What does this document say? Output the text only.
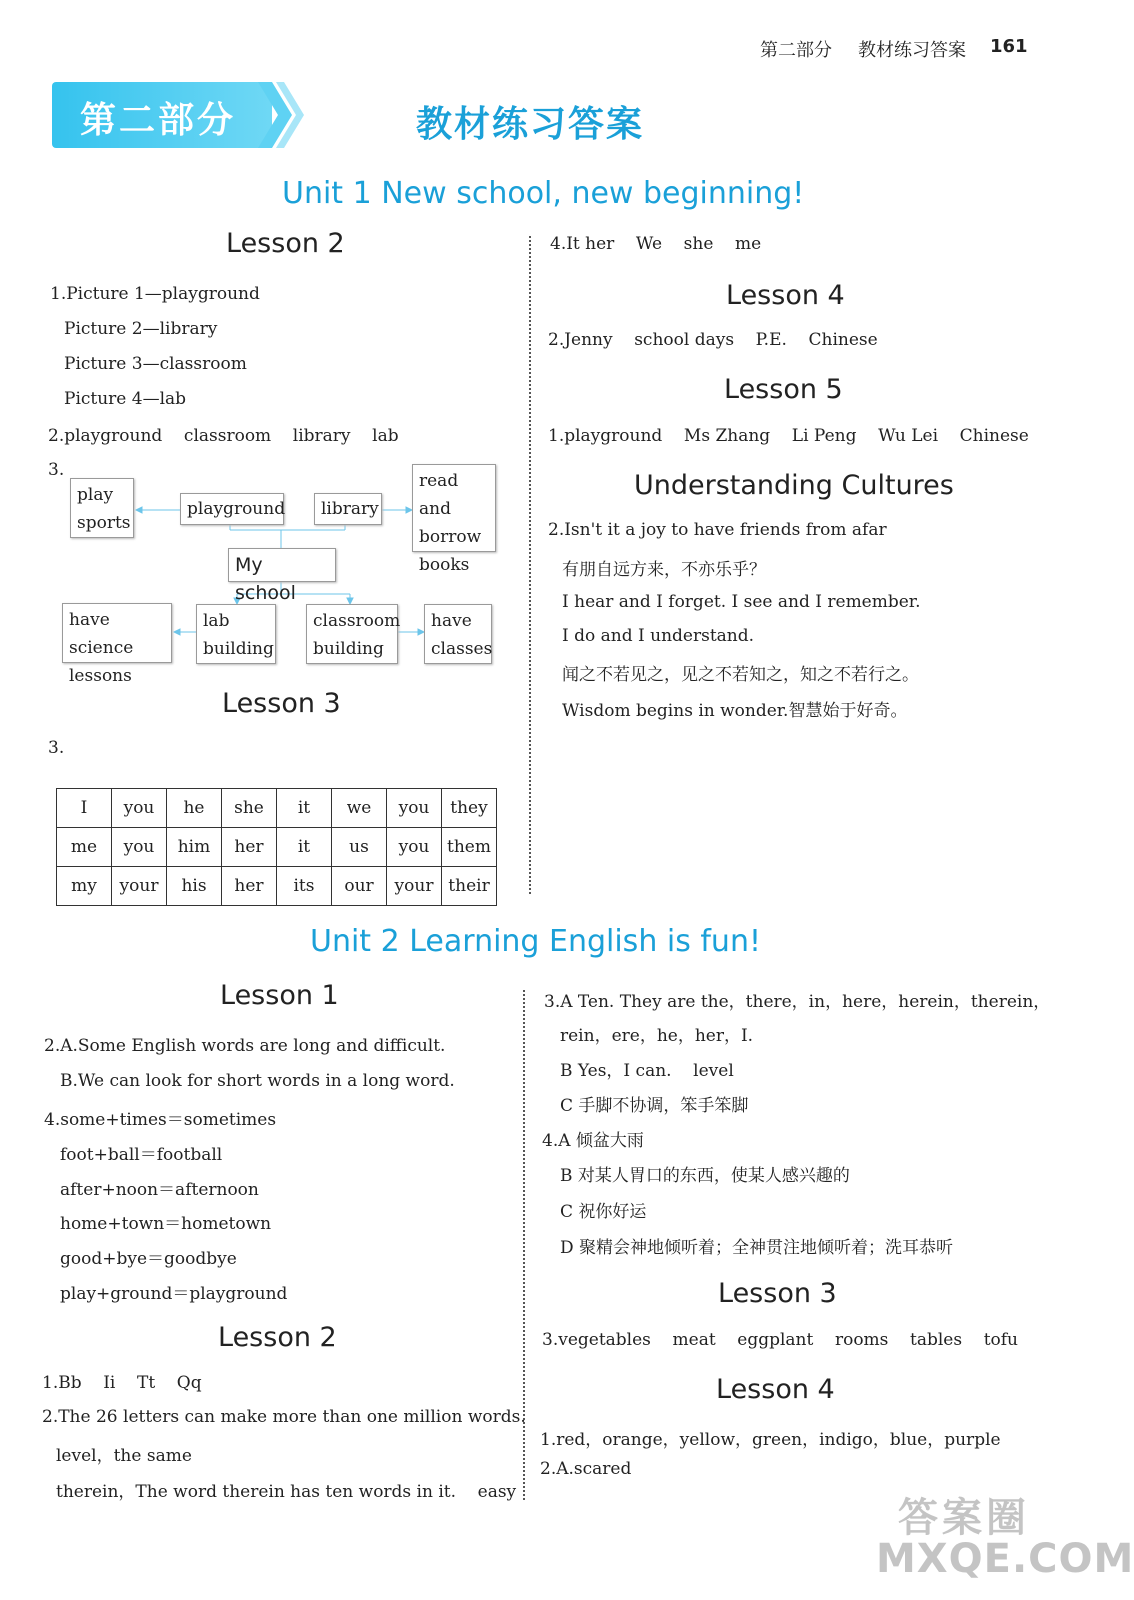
第二部分 教材练习答案 161
第二部分	教材练习答案
Unit 1 New school, new beginning!
Lesson 2
1.Picture 1—playground
Picture 2—library
Picture 3—classroom
Picture 4—lab
2.playground    classroom    library    lab
3.
play sports
playground	library
read and borrow books
My school
have science lessons
lab building
classroom building
have classes
Lesson 3
3.
I	you	he	she	it	we	you	they
me	you	him	her	it	us	you	them
my	your	his	her	its	our	your	their
4.It her    We    she    me
Lesson 4
2.Jenny    school days    P.E.    Chinese
Lesson 5
1.playground    Ms Zhang    Li Peng    Wu Lei    Chinese
Understanding Cultures
2.Isn't it a joy to have friends from afar
有朋自远方来，不亦乐乎？
I hear and I forget. I see and I remember.
I do and I understand.
闻之不若见之，见之不若知之，知之不若行之。
Wisdom begins in wonder.智慧始于好奇。
Unit 2 Learning English is fun!
Lesson 1
2.A.Some English words are long and difficult.
B.We can look for short words in a long word.
4.some+times＝sometimes
foot+ball＝football
after+noon＝afternoon
home+town＝hometown
good+bye＝goodbye
play+ground＝playground
Lesson 2
1.Bb    Ii    Tt    Qq
2.The 26 letters can make more than one million words.
level，the same
therein，The word therein has ten words in it.    easy
3.A Ten. They are the，there，in，here，herein，therein，
rein，ere，he，her，I.
B Yes，I can.    level
C 手脚不协调，笨手笨脚
4.A 倾盆大雨
B 对某人胃口的东西，使某人感兴趣的
C 祝你好运
D 聚精会神地倾听着；全神贯注地倾听着；洗耳恭听
Lesson 3
3.vegetables    meat    eggplant    rooms    tables    tofu
Lesson 4
1.red，orange，yellow，green，indigo，blue，purple
2.A.scared
答案圈
MXQE.COM
